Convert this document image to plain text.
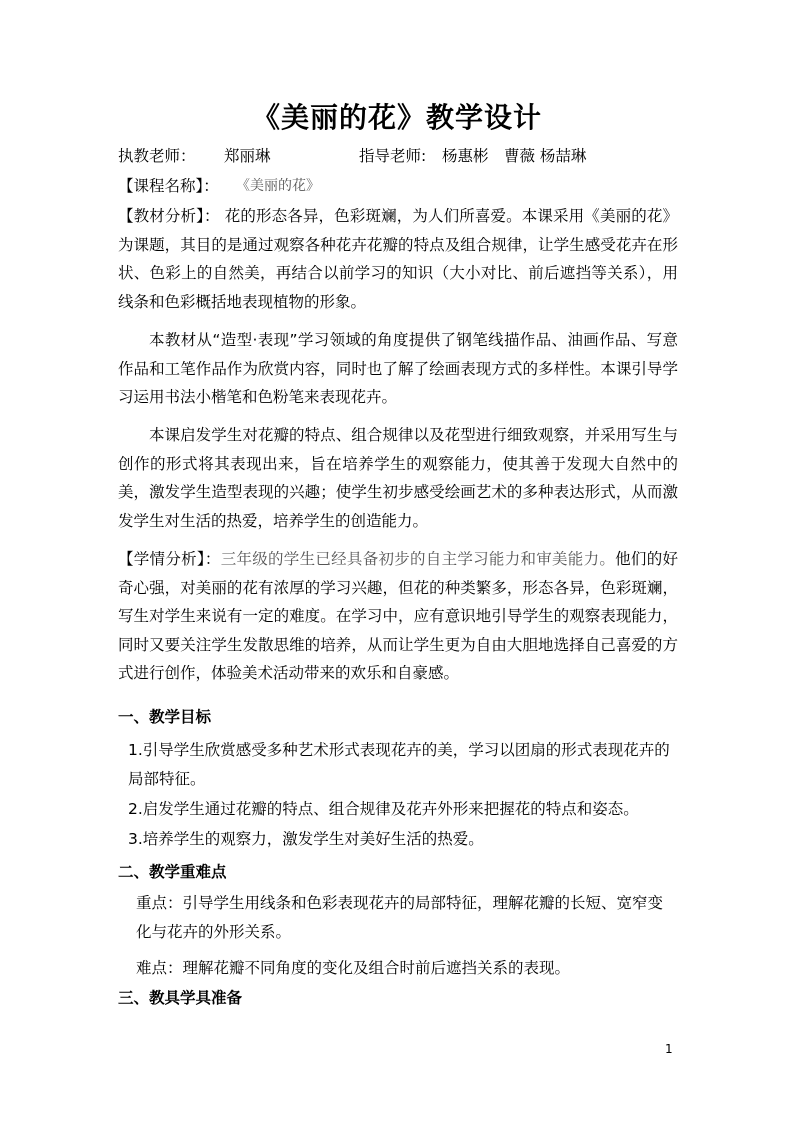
《美丽的花》教学设计
执教老师： 郑丽琳	指导老师: 杨惠彬　曹薇 杨喆琳
【课程名称】： 《美丽的花》
【教材分析】： 花的形态各异，色彩斑斓，为人们所喜爱。本课采用《美丽的花》为课题，其目的是通过观察各种花卉花瓣的特点及组合规律，让学生感受花卉在形状、色彩上的自然美，再结合以前学习的知识（大小对比、前后遮挡等关系），用线条和色彩概括地表现植物的形象。
本教材从“造型·表现”学习领域的角度提供了钢笔线描作品、油画作品、写意作品和工笔作品作为欣赏内容，同时也了解了绘画表现方式的多样性。本课引导学习运用书法小楷笔和色粉笔来表现花卉。
本课启发学生对花瓣的特点、组合规律以及花型进行细致观察，并采用写生与创作的形式将其表现出来，旨在培养学生的观察能力，使其善于发现大自然中的美，激发学生造型表现的兴趣；使学生初步感受绘画艺术的多种表达形式，从而激发学生对生活的热爱，培养学生的创造能力。
【学情分析】：三年级的学生已经具备初步的自主学习能力和审美能力。他们的好奇心强，对美丽的花有浓厚的学习兴趣，但花的种类繁多，形态各异，色彩斑斓，写生对学生来说有一定的难度。在学习中，应有意识地引导学生的观察表现能力，同时又要关注学生发散思维的培养，从而让学生更为自由大胆地选择自己喜爱的方式进行创作，体验美术活动带来的欢乐和自豪感。
一、教学目标
1.引导学生欣赏感受多种艺术形式表现花卉的美，学习以团扇的形式表现花卉的局部特征。
2.启发学生通过花瓣的特点、组合规律及花卉外形来把握花的特点和姿态。
3.培养学生的观察力，激发学生对美好生活的热爱。
二、教学重难点
重点：引导学生用线条和色彩表现花卉的局部特征，理解花瓣的长短、宽窄变化与花卉的外形关系。
难点：理解花瓣不同角度的变化及组合时前后遮挡关系的表现。
三、教具学具准备
1
